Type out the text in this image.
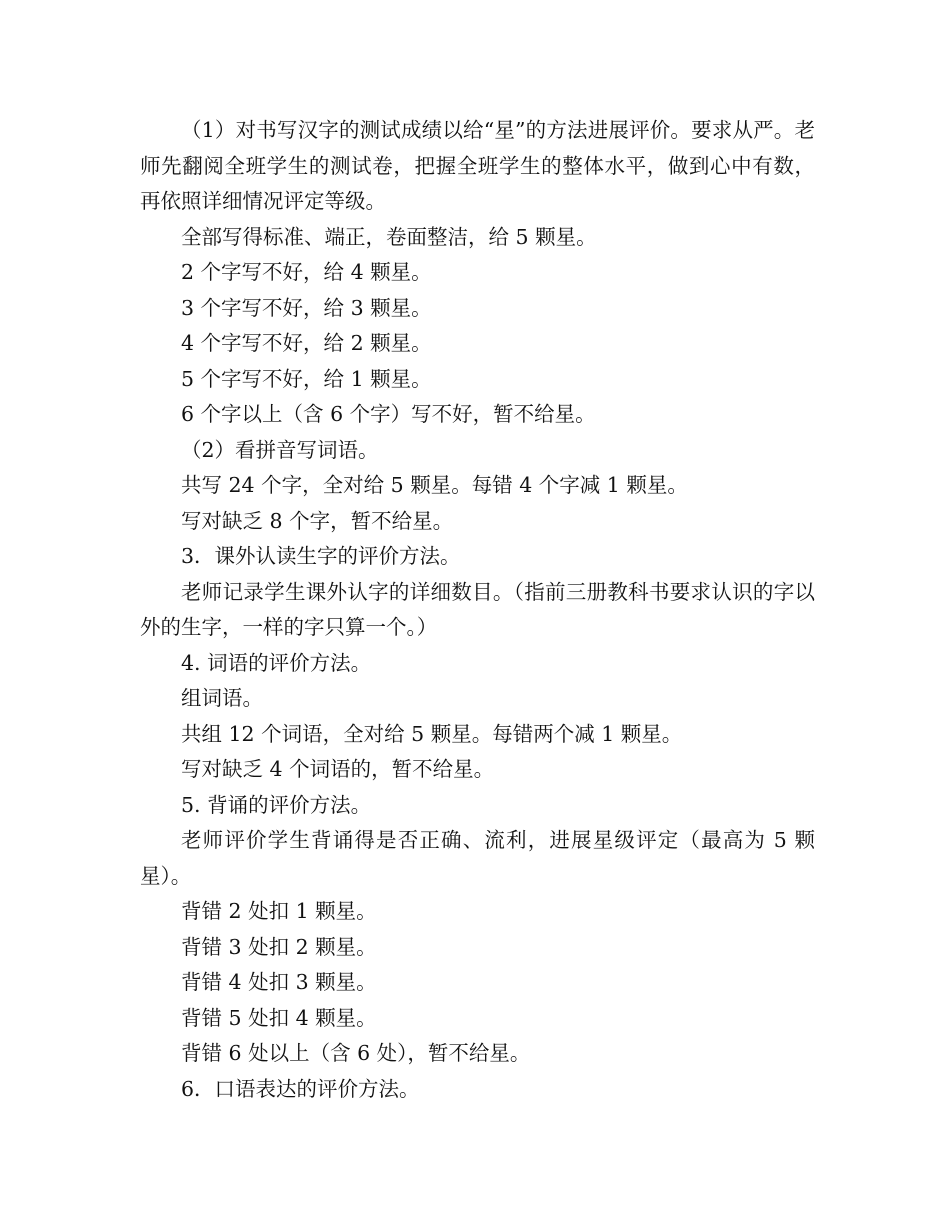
（1）对书写汉字的测试成绩以给“星”的方法进展评价。要求从严。老师先翻阅全班学生的测试卷，把握全班学生的整体水平，做到心中有数，再依照详细情况评定等级。

全部写得标准、端正，卷面整洁，给 5 颗星。

2 个字写不好，给 4 颗星。

3 个字写不好，给 3 颗星。

4 个字写不好，给 2 颗星。

5 个字写不好，给 1 颗星。

6 个字以上（含 6 个字）写不好，暂不给星。

（2）看拼音写词语。

共写 24 个字，全对给 5 颗星。每错 4 个字减 1 颗星。

写对缺乏 8 个字，暂不给星。

3．课外认读生字的评价方法。

老师记录学生课外认字的详细数目。（指前三册教科书要求认识的字以外的生字，一样的字只算一个。）

4. 词语的评价方法。

组词语。

共组 12 个词语，全对给 5 颗星。每错两个减 1 颗星。

写对缺乏 4 个词语的，暂不给星。

5. 背诵的评价方法。

老师评价学生背诵得是否正确、流利，进展星级评定（最高为 5 颗星）。

背错 2 处扣 1 颗星。

背错 3 处扣 2 颗星。

背错 4 处扣 3 颗星。

背错 5 处扣 4 颗星。

背错 6 处以上（含 6 处），暂不给星。

6．口语表达的评价方法。
